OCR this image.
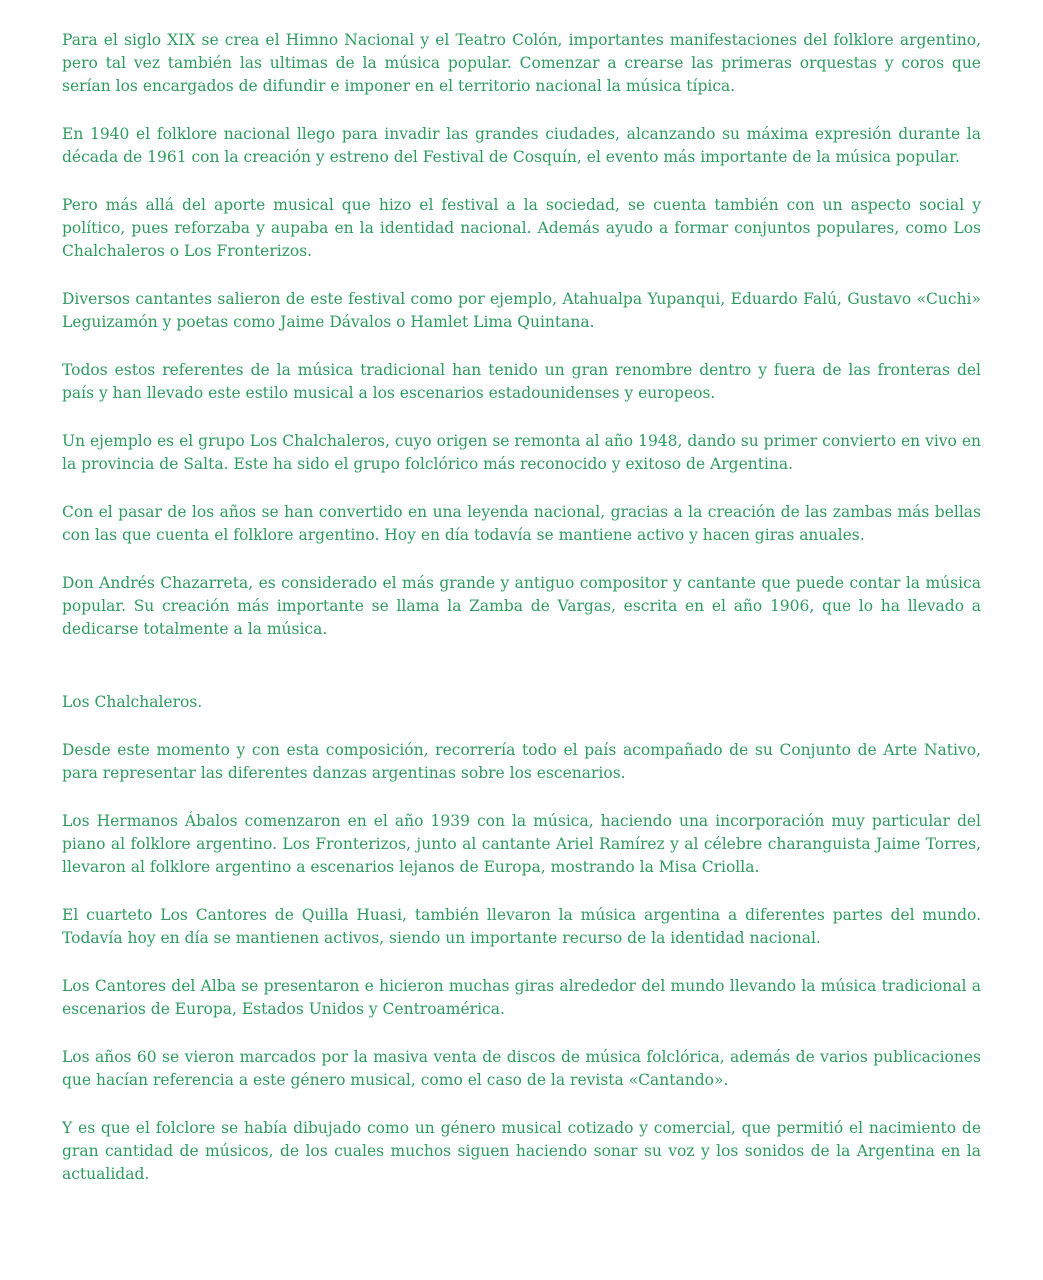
Para el siglo XIX se crea el Himno Nacional y el Teatro Colón, importantes manifestaciones del folklore argentino, pero tal vez también las ultimas de la música popular. Comenzar a crearse las primeras orquestas y coros que serían los encargados de difundir e imponer en el territorio nacional la música típica.

En 1940 el folklore nacional llego para invadir las grandes ciudades, alcanzando su máxima expresión durante la década de 1961 con la creación y estreno del Festival de Cosquín, el evento más importante de la música popular.

Pero más allá del aporte musical que hizo el festival a la sociedad, se cuenta también con un aspecto social y político, pues reforzaba y aupaba en la identidad nacional. Además ayudo a formar conjuntos populares, como Los Chalchaleros o Los Fronterizos.

Diversos cantantes salieron de este festival como por ejemplo, Atahualpa Yupanqui, Eduardo Falú, Gustavo «Cuchi» Leguizamón y poetas como Jaime Dávalos o Hamlet Lima Quintana.

Todos estos referentes de la música tradicional han tenido un gran renombre dentro y fuera de las fronteras del país y han llevado este estilo musical a los escenarios estadounidenses y europeos.

Un ejemplo es el grupo Los Chalchaleros, cuyo origen se remonta al año 1948, dando su primer convierto en vivo en la provincia de Salta. Este ha sido el grupo folclórico más reconocido y exitoso de Argentina.

Con el pasar de los años se han convertido en una leyenda nacional, gracias a la creación de las zambas más bellas con las que cuenta el folklore argentino. Hoy en día todavía se mantiene activo y hacen giras anuales.

Don Andrés Chazarreta, es considerado el más grande y antiguo compositor y cantante que puede contar la música popular. Su creación más importante se llama la Zamba de Vargas, escrita en el año 1906, que lo ha llevado a dedicarse totalmente a la música.

Los Chalchaleros.

Desde este momento y con esta composición, recorrería todo el país acompañado de su Conjunto de Arte Nativo, para representar las diferentes danzas argentinas sobre los escenarios.

Los Hermanos Ábalos comenzaron en el año 1939 con la música, haciendo una incorporación muy particular del piano al folklore argentino. Los Fronterizos, junto al cantante Ariel Ramírez y al célebre charanguista Jaime Torres, llevaron al folklore argentino a escenarios lejanos de Europa, mostrando la Misa Criolla.

El cuarteto Los Cantores de Quilla Huasi, también llevaron la música argentina a diferentes partes del mundo. Todavía hoy en día se mantienen activos, siendo un importante recurso de la identidad nacional.

Los Cantores del Alba se presentaron e hicieron muchas giras alrededor del mundo llevando la música tradicional a escenarios de Europa, Estados Unidos y Centroamérica.

Los años 60 se vieron marcados por la masiva venta de discos de música folclórica, además de varios publicaciones que hacían referencia a este género musical, como el caso de la revista «Cantando».

Y es que el folclore se había dibujado como un género musical cotizado y comercial, que permitió el nacimiento de gran cantidad de músicos, de los cuales muchos siguen haciendo sonar su voz y los sonidos de la Argentina en la actualidad.
